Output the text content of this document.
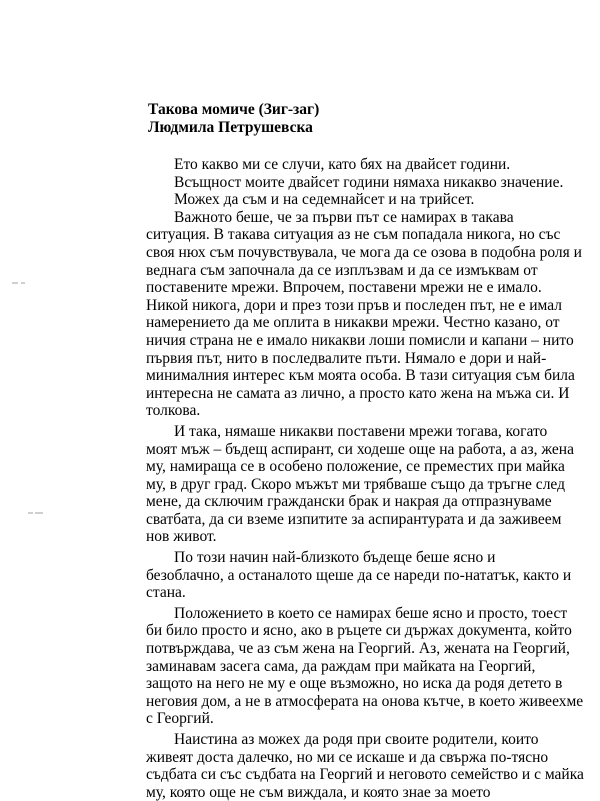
Такова момиче (Зиг-заг)
Людмила Петрушевска
Ето какво ми се случи, като бях на двайсет години.
Всъщност моите двайсет години нямаха никакво значение.
Можех да съм и на седемнайсет и на трийсет.
Важното беше, че за първи път се намирах в такава
ситуация. В такава ситуация аз не съм попадала никога, но със
своя нюх съм почувствувала, че мога да се озова в подобна роля и
веднага съм започнала да се изплъзвам и да се измъквам от
поставените мрежи. Впрочем, поставени мрежи не е имало.
Никой никога, дори и през този пръв и последен път, не е имал
намерението да ме оплита в никакви мрежи. Честно казано, от
ничия страна не е имало никакви лоши помисли и капани – нито
първия път, нито в последвалите пъти. Нямало е дори и най-
минималния интерес към моята особа. В тази ситуация съм била
интересна не самата аз лично, а просто като жена на мъжа си. И
толкова.
И така, нямаше никакви поставени мрежи тогава, когато
моят мъж – бъдещ аспирант, си ходеше още на работа, а аз, жена
му, намираща се в особено положение, се преместих при майка
му, в друг град. Скоро мъжът ми трябваше също да тръгне след
мене, да сключим граждански брак и накрая да отпразнуваме
сватбата, да си вземе изпитите за аспирантурата и да заживеем
нов живот.
По този начин най-близкото бъдеще беше ясно и
безоблачно, а останалото щеше да се нареди по-нататък, както и
стана.
Положението в което се намирах беше ясно и просто, тоест
би било просто и ясно, ако в ръцете си държах документа, който
потвърждава, че аз съм жена на Георгий. Аз, жената на Георгий,
заминавам засега сама, да раждам при майката на Георгий,
защото на него не му е още възможно, но иска да родя детето в
неговия дом, а не в атмосферата на онова кътче, в което живеехме
с Георгий.
Наистина аз можех да родя при своите родители, които
живеят доста далечко, но ми се искаше и да свържа по-тясно
съдбата си със съдбата на Георгий и неговото семейство и с майка
му, която още не съм виждала, и която знае за моето
